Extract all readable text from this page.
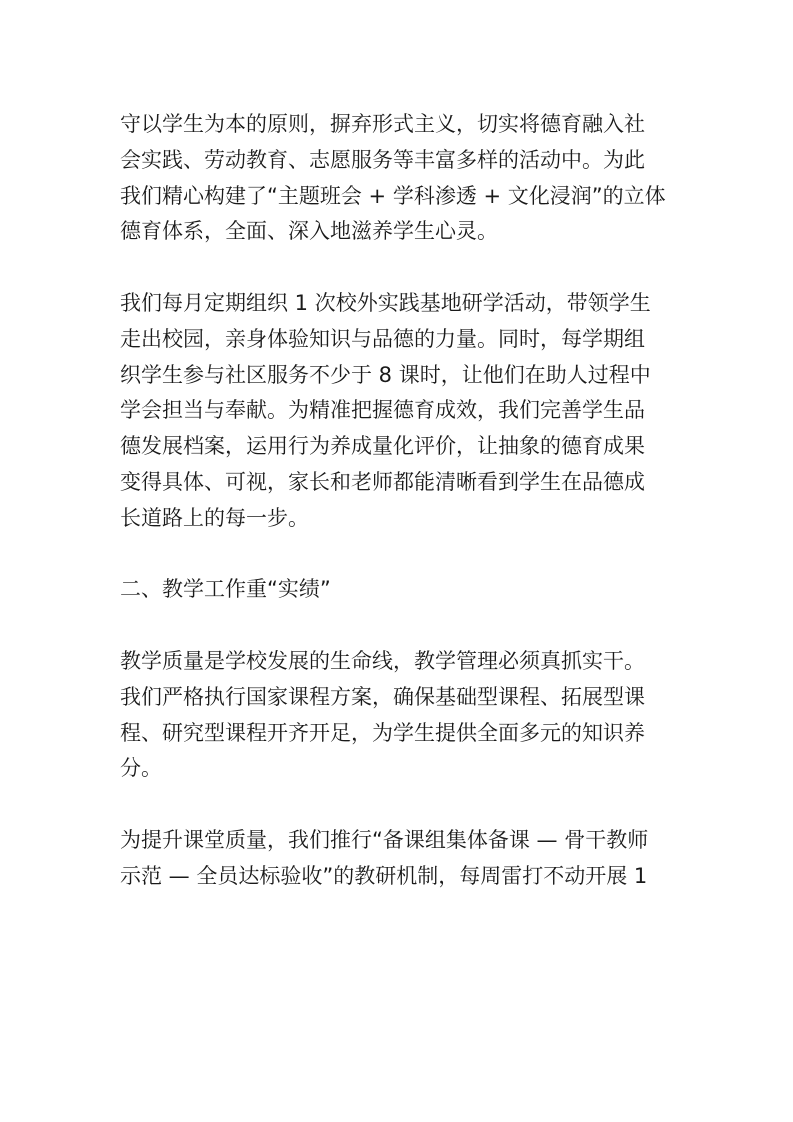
守以学生为本的原则，摒弃形式主义，切实将德育融入社
会实践、劳动教育、志愿服务等丰富多样的活动中。为此
我们精心构建了“主题班会 + 学科渗透 + 文化浸润”的立体
德育体系，全面、深入地滋养学生心灵。

我们每月定期组织 1 次校外实践基地研学活动，带领学生
走出校园，亲身体验知识与品德的力量。同时，每学期组
织学生参与社区服务不少于 8 课时，让他们在助人过程中
学会担当与奉献。为精准把握德育成效，我们完善学生品
德发展档案，运用行为养成量化评价，让抽象的德育成果
变得具体、可视，家长和老师都能清晰看到学生在品德成
长道路上的每一步。

二、教学工作重“实绩”

教学质量是学校发展的生命线，教学管理必须真抓实干。
我们严格执行国家课程方案，确保基础型课程、拓展型课
程、研究型课程开齐开足，为学生提供全面多元的知识养
分。

为提升课堂质量，我们推行“备课组集体备课 — 骨干教师
示范 — 全员达标验收”的教研机制，每周雷打不动开展 1
